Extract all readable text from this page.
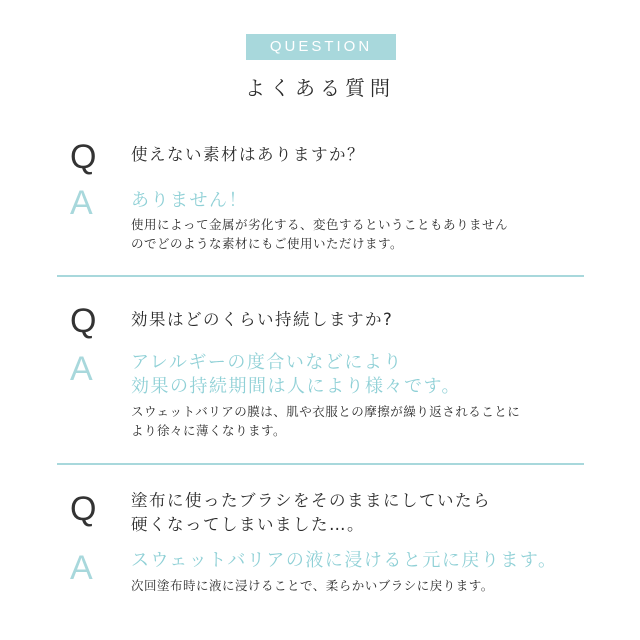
QUESTION
よくある質問
Q 使えない素材はありますか？
A ありません！
使用によって金属が劣化する、変色するということもありません
のでどのような素材にもご使用いただけます。
Q 効果はどのくらい持続しますか?
A アレルギーの度合いなどにより
効果の持続期間は人により様々です。
スウェットバリアの膜は、肌や衣服との摩擦が繰り返されることに
より徐々に薄くなります。
Q 塗布に使ったブラシをそのままにしていたら
硬くなってしまいました…。
A スウェットバリアの液に浸けると元に戻ります。
次回塗布時に液に浸けることで、柔らかいブラシに戻ります。
